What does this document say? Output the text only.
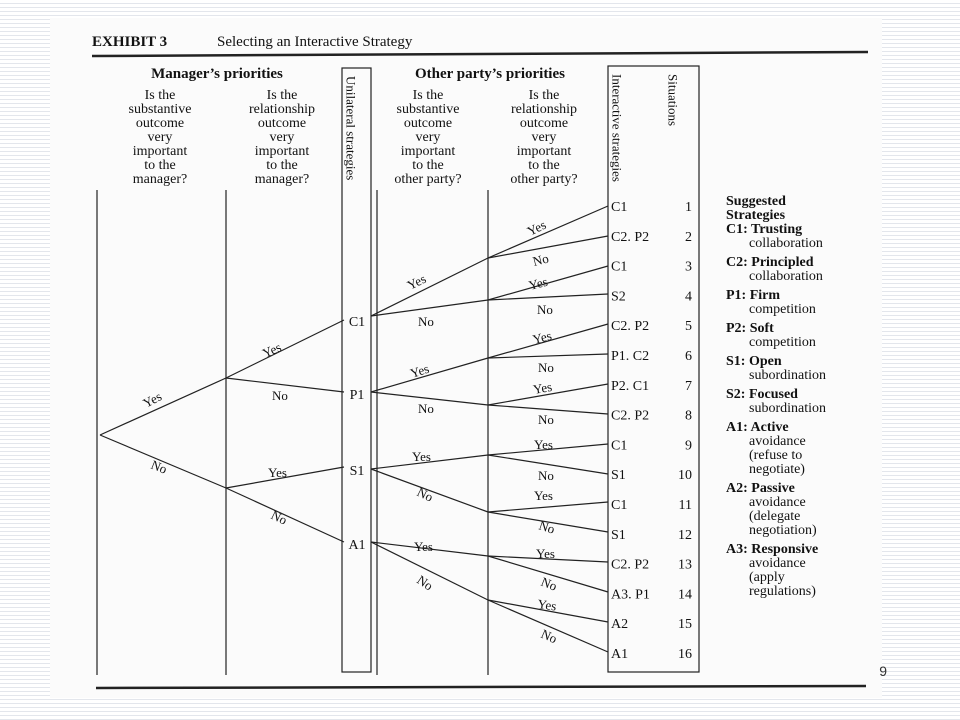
EXHIBIT 3	Selecting an Interactive Strategy
Manager’s priorities	Other party’s priorities
Is the
substantive
outcome
very
important
to the
manager?
Is the
relationship
outcome
very
important
to the
manager?
Is the
substantive
outcome
very
important
to the
other party?
Is the
relationship
outcome
very
important
to the
other party?
Unilateral strategies	Interactive strategies	Situations
C1
P1
S1
A1
Yes
No
Yes
No
Yes
No
Yes
No
Yes
No
Yes
No
Yes
No
Yes
No
Yes
No
Yes
No
Yes
No
Yes
No
Yes
No
Yes
No
Yes
No
C1	1
C2. P2	2
C1	3
S2	4
C2. P2	5
P1. C2	6
P2. C1	7
C2. P2	8
C1	9
S1	10
C1	11
S1	12
C2. P2 13
A3. P1 14
A2	15
A1	16
Suggested
Strategies
C1: Trusting
collaboration
C2: Principled
collaboration
P1: Firm
competition
P2: Soft
competition
S1: Open
subordination
S2: Focused
subordination
A1: Active
avoidance
(refuse to
negotiate)
A2: Passive
avoidance
(delegate
negotiation)
A3: Responsive
avoidance
(apply
regulations)
9
